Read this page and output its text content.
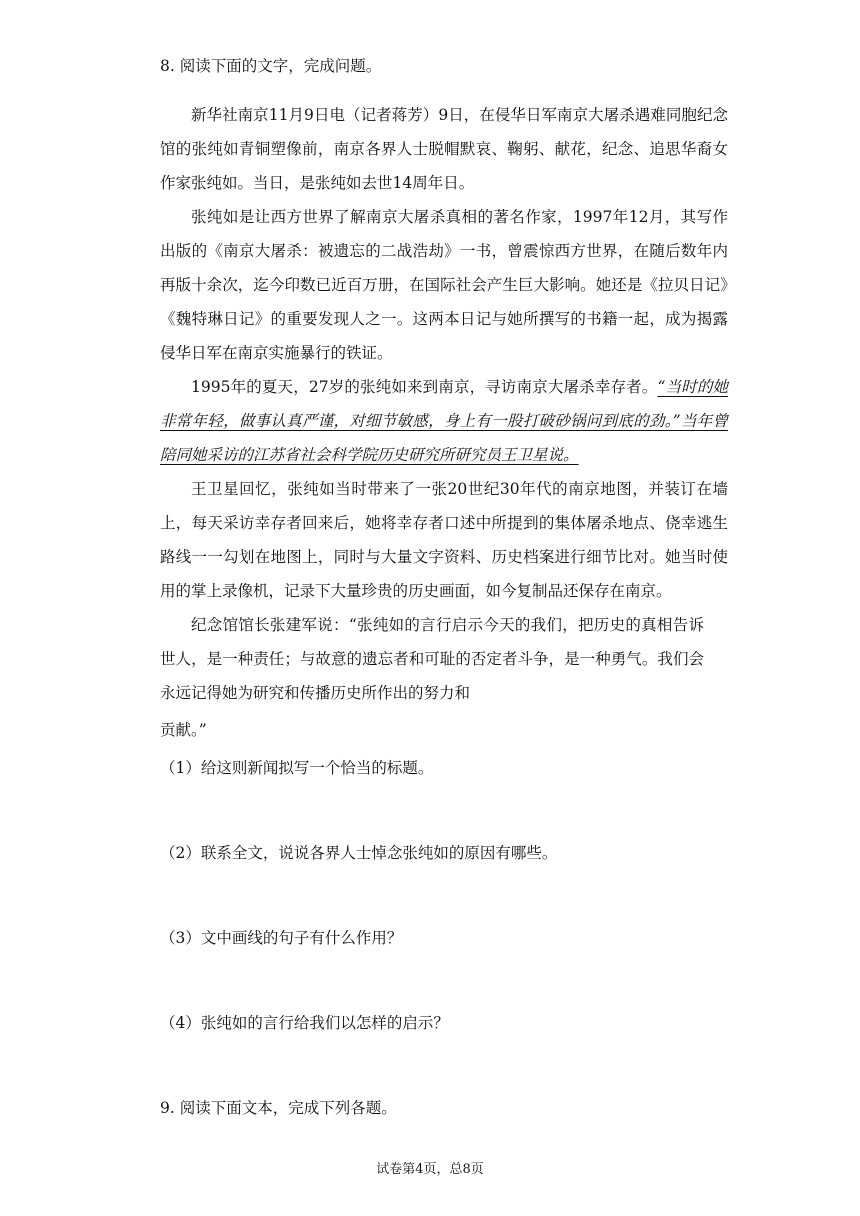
8. 阅读下面的文字，完成问题。
新华社南京11月9日电（记者蒋芳）9日，在侵华日军南京大屠杀遇难同胞纪念馆的张纯如青铜塑像前，南京各界人士脱帽默哀、鞠躬、献花，纪念、追思华裔女作家张纯如。当日，是张纯如去世14周年日。
张纯如是让西方世界了解南京大屠杀真相的著名作家，1997年12月，其写作出版的《南京大屠杀：被遗忘的二战浩劫》一书，曾震惊西方世界，在随后数年内再版十余次，迄今印数已近百万册，在国际社会产生巨大影响。她还是《拉贝日记》《魏特琳日记》的重要发现人之一。这两本日记与她所撰写的书籍一起，成为揭露侵华日军在南京实施暴行的铁证。
1995年的夏天，27岁的张纯如来到南京，寻访南京大屠杀幸存者。“当时的她非常年轻，做事认真严谨，对细节敏感，身上有一股打破砂锅问到底的劲。”当年曾陪同她采访的江苏省社会科学院历史研究所研究员王卫星说。
王卫星回忆，张纯如当时带来了一张20世纪30年代的南京地图，并装订在墙上，每天采访幸存者回来后，她将幸存者口述中所提到的集体屠杀地点、侥幸逃生路线一一勾划在地图上，同时与大量文字资料、历史档案进行细节比对。她当时使用的掌上录像机，记录下大量珍贵的历史画面，如今复制品还保存在南京。
纪念馆馆长张建军说：“张纯如的言行启示今天的我们，把历史的真相告诉世人，是一种责任；与故意的遗忘者和可耻的否定者斗争，是一种勇气。我们会永远记得她为研究和传播历史所作出的努力和
贡献。”
（1）给这则新闻拟写一个恰当的标题。
（2）联系全文，说说各界人士悼念张纯如的原因有哪些。
（3）文中画线的句子有什么作用？
（4）张纯如的言行给我们以怎样的启示？
9. 阅读下面文本，完成下列各题。
试卷第4页，总8页
